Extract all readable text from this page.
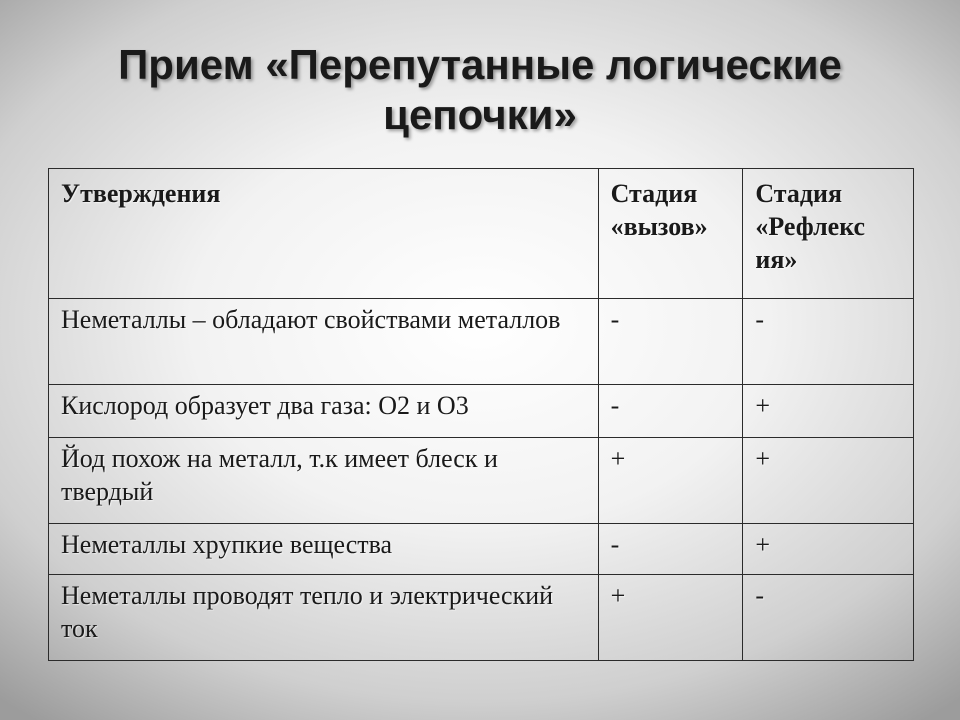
Прием «Перепутанные логические
цепочки»
Утверждения	Стадия «вызов»	Стадия «Рефлекс ия»
Неметаллы – обладают свойствами металлов	-	-
Кислород образует два газа: О2 и О3	-	+
Йод похож на металл, т.к имеет блеск и твердый	+	+
Неметаллы хрупкие вещества	-	+
Неметаллы проводят тепло и электрический ток	+	-
